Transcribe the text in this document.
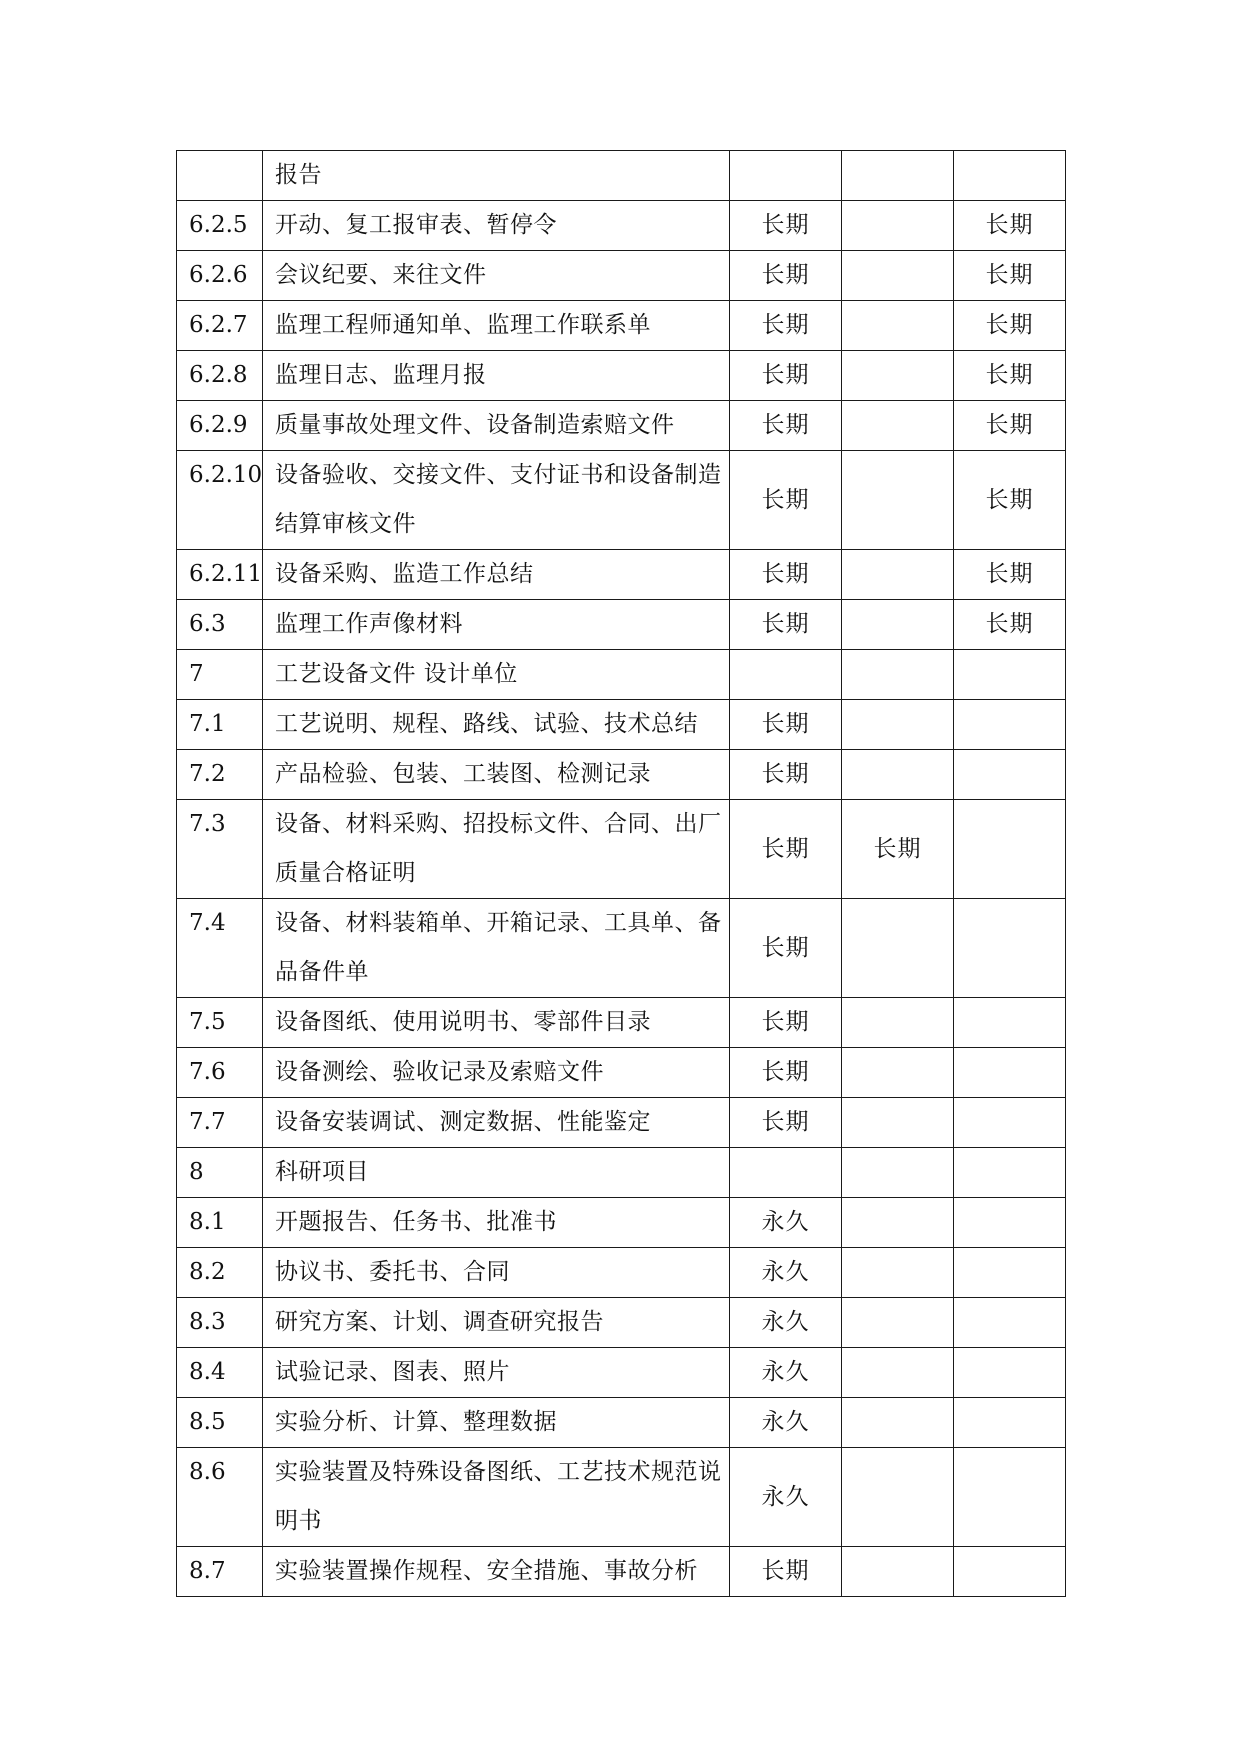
	报告			
6.2.5	开动、复工报审表、暂停令	长期		长期
6.2.6	会议纪要、来往文件	长期		长期
6.2.7	监理工程师通知单、监理工作联系单	长期		长期
6.2.8	监理日志、监理月报	长期		长期
6.2.9	质量事故处理文件、设备制造索赔文件	长期		长期
6.2.10	设备验收、交接文件、支付证书和设备制造结算审核文件	长期		长期
6.2.11	设备采购、监造工作总结	长期		长期
6.3	监理工作声像材料	长期		长期
7	工艺设备文件 设计单位			
7.1	工艺说明、规程、路线、试验、技术总结	长期		
7.2	产品检验、包装、工装图、检测记录	长期		
7.3	设备、材料采购、招投标文件、合同、出厂质量合格证明	长期	长期	
7.4	设备、材料装箱单、开箱记录、工具单、备品备件单	长期		
7.5	设备图纸、使用说明书、零部件目录	长期		
7.6	设备测绘、验收记录及索赔文件	长期		
7.7	设备安装调试、测定数据、性能鉴定	长期		
8	科研项目			
8.1	开题报告、任务书、批准书	永久		
8.2	协议书、委托书、合同	永久		
8.3	研究方案、计划、调查研究报告	永久		
8.4	试验记录、图表、照片	永久		
8.5	实验分析、计算、整理数据	永久		
8.6	实验装置及特殊设备图纸、工艺技术规范说明书	永久		
8.7	实验装置操作规程、安全措施、事故分析	长期		
